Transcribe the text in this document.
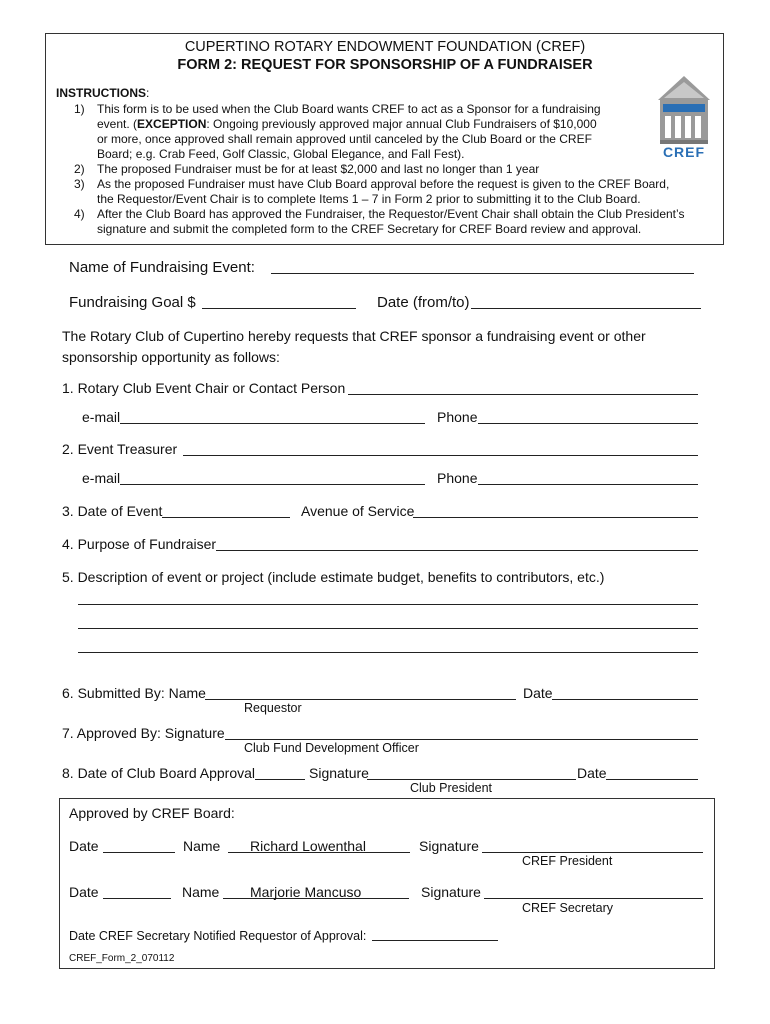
CUPERTINO ROTARY ENDOWMENT FOUNDATION (CREF)
FORM 2: REQUEST FOR SPONSORSHIP OF A FUNDRAISER
INSTRUCTIONS:
1) This form is to be used when the Club Board wants CREF to act as a Sponsor for a fundraising
event. (EXCEPTION: Ongoing previously approved major annual Club Fundraisers of $10,000
or more, once approved shall remain approved until canceled by the Club Board or the CREF
Board; e.g. Crab Feed, Golf Classic, Global Elegance, and Fall Fest).
2) The proposed Fundraiser must be for at least $2,000 and last no longer than 1 year
3) As the proposed Fundraiser must have Club Board approval before the request is given to the CREF Board,
the Requestor/Event Chair is to complete Items 1 – 7 in Form 2 prior to submitting it to the Club Board.
4) After the Club Board has approved the Fundraiser, the Requestor/Event Chair shall obtain the Club President’s
signature and submit the completed form to the CREF Secretary for CREF Board review and approval.
CREF
Name of Fundraising Event:
Fundraising Goal $	Date (from/to)
The Rotary Club of Cupertino hereby requests that CREF sponsor a fundraising event or other
sponsorship opportunity as follows:
1. Rotary Club Event Chair or Contact Person
e-mail	Phone
2. Event Treasurer
e-mail	Phone
3. Date of Event	Avenue of Service
4. Purpose of Fundraiser
5. Description of event or project (include estimate budget, benefits to contributors, etc.)
6. Submitted By: Name	Date
Requestor
7. Approved By: Signature
Club Fund Development Officer
8. Date of Club Board Approval	Signature	Date
Club President
Approved by CREF Board:
Date	Name Richard Lowenthal	Signature
CREF President
Date	Name Marjorie Mancuso	Signature
CREF Secretary
Date CREF Secretary Notified Requestor of Approval:
CREF_Form_2_070112
